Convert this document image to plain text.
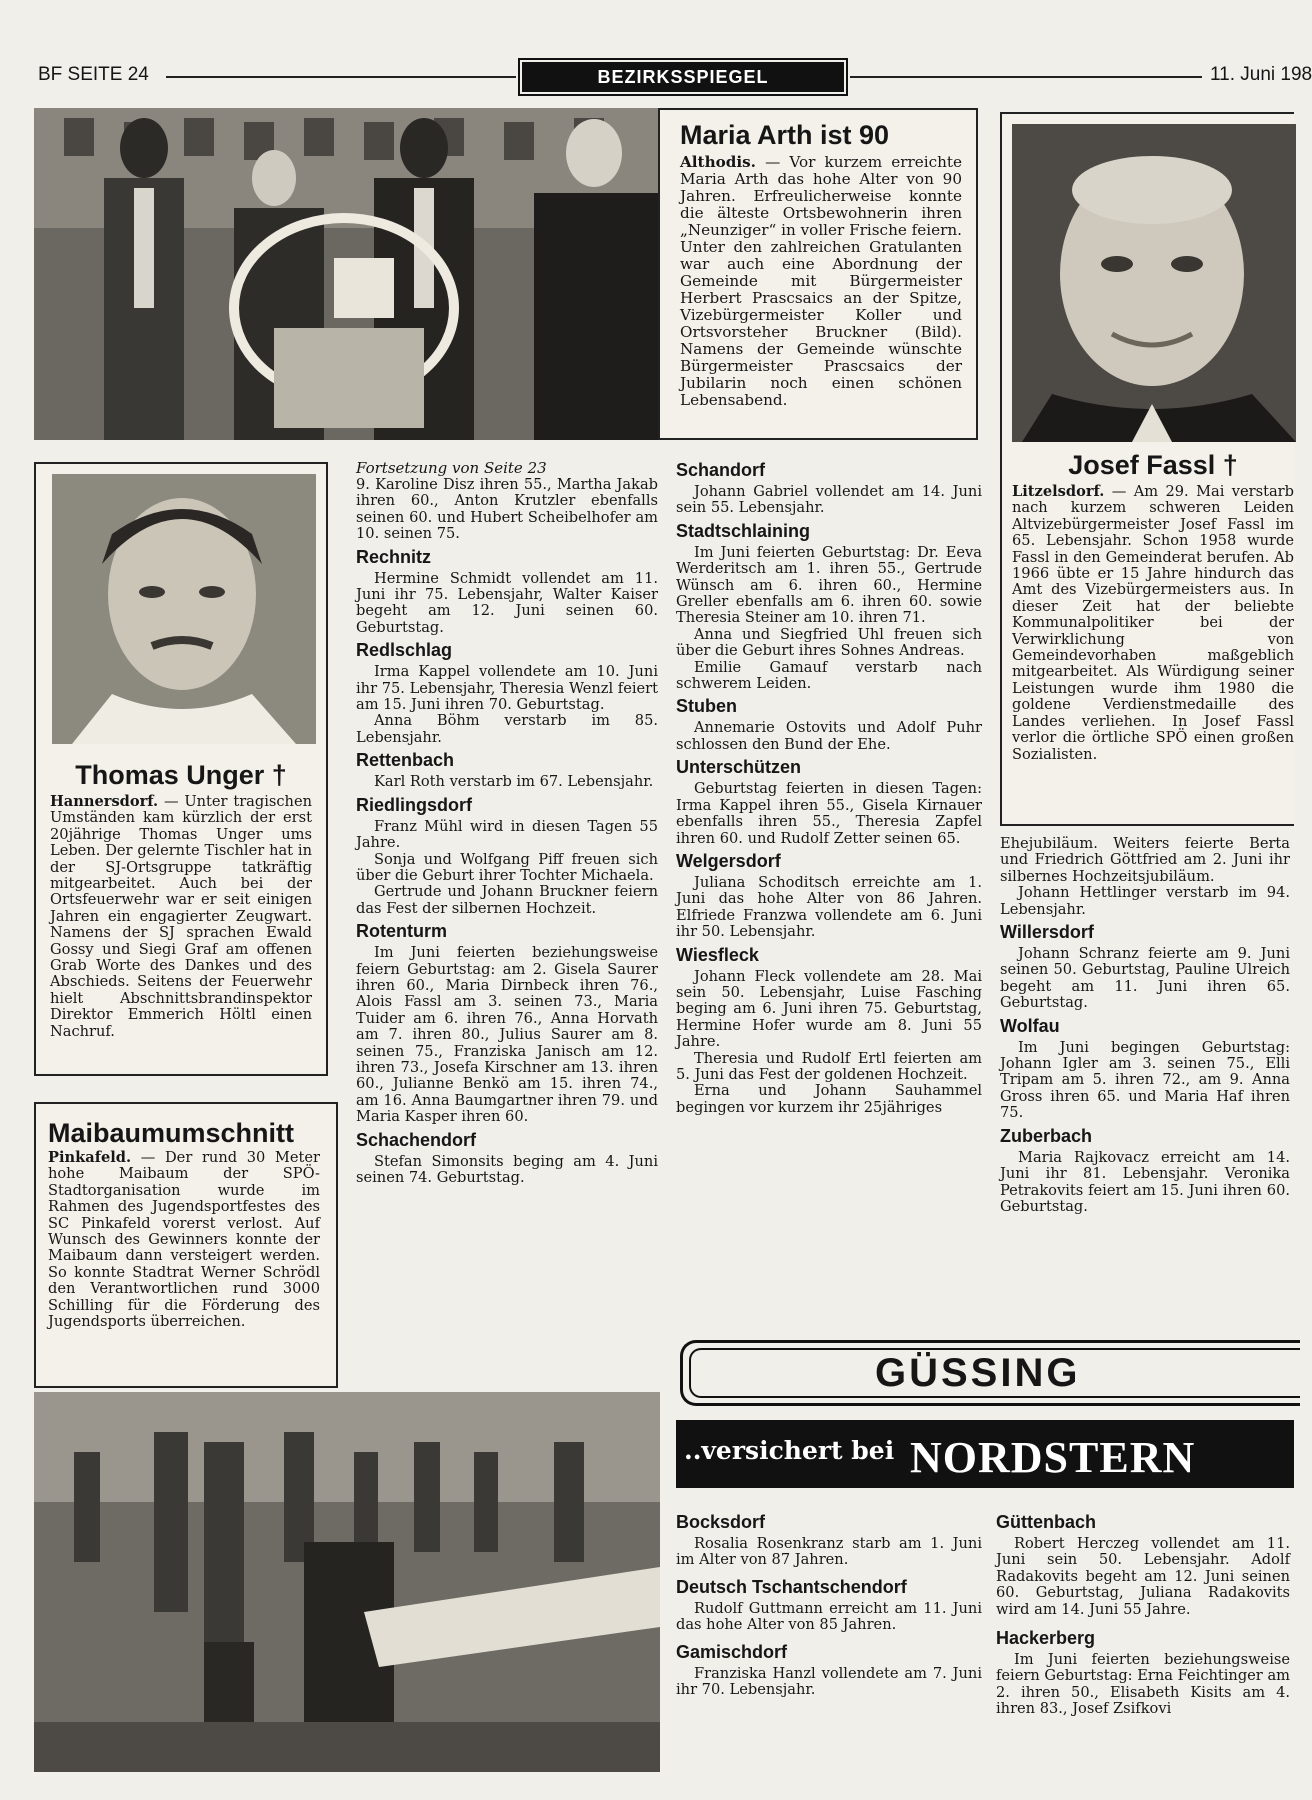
BF SEITE 24	BEZIRKSSPIEGEL	11. Juni 198
Maria Arth ist 90
Althodis. — Vor kurzem erreichte Maria Arth das hohe Alter von 90 Jahren. Erfreulicherweise konnte die älteste Ortsbewohnerin ihren „Neunziger“ in voller Frische feiern. Unter den zahlreichen Gratulanten war auch eine Abordnung der Gemeinde mit Bürgermeister Herbert Prascsaics an der Spitze, Vizebürgermeister Koller und Ortsvorsteher Bruckner (Bild). Namens der Gemeinde wünschte Bürgermeister Prascsaics der Jubilarin noch einen schönen Lebensabend.
Josef Fassl †
Litzelsdorf. — Am 29. Mai verstarb nach kurzem schweren Leiden Altvizebürgermeister Josef Fassl im 65. Lebensjahr. Schon 1958 wurde Fassl in den Gemeinderat berufen. Ab 1966 übte er 15 Jahre hindurch das Amt des Vizebürgermeisters aus. In dieser Zeit hat der beliebte Kommunalpolitiker bei der Verwirklichung von Gemeindevorhaben maßgeblich mitgearbeitet. Als Würdigung seiner Leistungen wurde ihm 1980 die goldene Verdienstmedaille des Landes verliehen. In Josef Fassl verlor die örtliche SPÖ einen großen Sozialisten.
Thomas Unger †
Hannersdorf. — Unter tragischen Umständen kam kürzlich der erst 20jährige Thomas Unger ums Leben. Der gelernte Tischler hat in der SJ-Ortsgruppe tatkräftig mitgearbeitet. Auch bei der Ortsfeuerwehr war er seit einigen Jahren ein engagierter Zeugwart. Namens der SJ sprachen Ewald Gossy und Siegi Graf am offenen Grab Worte des Dankes und des Abschieds. Seitens der Feuerwehr hielt Abschnittsbrandinspektor Direktor Emmerich Höltl einen Nachruf.
Maibaumumschnitt
Pinkafeld. — Der rund 30 Meter hohe Maibaum der SPÖ-Stadtorganisation wurde im Rahmen des Jugendsportfestes des SC Pinkafeld vorerst verlost. Auf Wunsch des Gewinners konnte der Maibaum dann versteigert werden. So konnte Stadtrat Werner Schrödl den Verantwortlichen rund 3000 Schilling für die Förderung des Jugendsports überreichen.
Fortsetzung von Seite 23

9. Karoline Disz ihren 55., Martha Jakab ihren 60., Anton Krutzler ebenfalls seinen 60. und Hubert Scheibelhofer am 10. seinen 75.

Rechnitz

Hermine Schmidt vollendet am 11. Juni ihr 75. Lebensjahr, Walter Kaiser begeht am 12. Juni seinen 60. Geburtstag.

Redlschlag

Irma Kappel vollendete am 10. Juni ihr 75. Lebensjahr, Theresia Wenzl feiert am 15. Juni ihren 70. Geburtstag.

Anna Böhm verstarb im 85. Lebensjahr.

Rettenbach

Karl Roth verstarb im 67. Lebensjahr.

Riedlingsdorf

Franz Mühl wird in diesen Tagen 55 Jahre.

Sonja und Wolfgang Piff freuen sich über die Geburt ihrer Tochter Michaela.

Gertrude und Johann Bruckner feiern das Fest der silbernen Hochzeit.

Rotenturm

Im Juni feierten beziehungsweise feiern Geburtstag: am 2. Gisela Saurer ihren 60., Maria Dirnbeck ihren 76., Alois Fassl am 3. seinen 73., Maria Tuider am 6. ihren 76., Anna Horvath am 7. ihren 80., Julius Saurer am 8. seinen 75., Franziska Janisch am 12. ihren 73., Josefa Kirschner am 13. ihren 60., Julianne Benkö am 15. ihren 74., am 16. Anna Baumgartner ihren 79. und Maria Kasper ihren 60.

Schachendorf

Stefan Simonsits beging am 4. Juni seinen 74. Geburtstag.

Schandorf

Johann Gabriel vollendet am 14. Juni sein 55. Lebensjahr.

Stadtschlaining

Im Juni feierten Geburtstag: Dr. Eeva Werderitsch am 1. ihren 55., Gertrude Wünsch am 6. ihren 60., Hermine Greller ebenfalls am 6. ihren 60. sowie Theresia Steiner am 10. ihren 71.

Anna und Siegfried Uhl freuen sich über die Geburt ihres Sohnes Andreas.

Emilie Gamauf verstarb nach schwerem Leiden.

Stuben

Annemarie Ostovits und Adolf Puhr schlossen den Bund der Ehe.

Unterschützen

Geburtstag feierten in diesen Tagen: Irma Kappel ihren 55., Gisela Kirnauer ebenfalls ihren 55., Theresia Zapfel ihren 60. und Rudolf Zetter seinen 65.

Welgersdorf

Juliana Schoditsch erreichte am 1. Juni das hohe Alter von 86 Jahren. Elfriede Franzwa vollendete am 6. Juni ihr 50. Lebensjahr.

Wiesfleck

Johann Fleck vollendete am 28. Mai sein 50. Lebensjahr, Luise Fasching beging am 6. Juni ihren 75. Geburtstag, Hermine Hofer wurde am 8. Juni 55 Jahre.

Theresia und Rudolf Ertl feierten am 5. Juni das Fest der goldenen Hochzeit.

Erna und Johann Sauhammel begingen vor kurzem ihr 25jähriges

Ehejubiläum. Weiters feierte Berta und Friedrich Göttfried am 2. Juni ihr silbernes Hochzeitsjubiläum.

Johann Hettlinger verstarb im 94. Lebensjahr.

Willersdorf

Johann Schranz feierte am 9. Juni seinen 50. Geburtstag, Pauline Ulreich begeht am 11. Juni ihren 65. Geburtstag.

Wolfau

Im Juni begingen Geburtstag: Johann Igler am 3. seinen 75., Elli Tripam am 5. ihren 72., am 9. Anna Gross ihren 65. und Maria Haf ihren 75.

Zuberbach

Maria Rajkovacz erreicht am 14. Juni ihr 81. Lebensjahr. Veronika Petrakovits feiert am 15. Juni ihren 60. Geburtstag.

GÜSSING
..versichert bei NORDSTERN
Bocksdorf

Rosalia Rosenkranz starb am 1. Juni im Alter von 87 Jahren.

Deutsch Tschantschendorf

Rudolf Guttmann erreicht am 11. Juni das hohe Alter von 85 Jahren.

Gamischdorf

Franziska Hanzl vollendete am 7. Juni ihr 70. Lebensjahr.

Güttenbach

Robert Herczeg vollendet am 11. Juni sein 50. Lebensjahr. Adolf Radakovits begeht am 12. Juni seinen 60. Geburtstag, Juliana Radakovits wird am 14. Juni 55 Jahre.

Hackerberg

Im Juni feierten beziehungsweise feiern Geburtstag: Erna Feichtinger am 2. ihren 50., Elisabeth Kisits am 4. ihren 83., Josef Zsifkovi
